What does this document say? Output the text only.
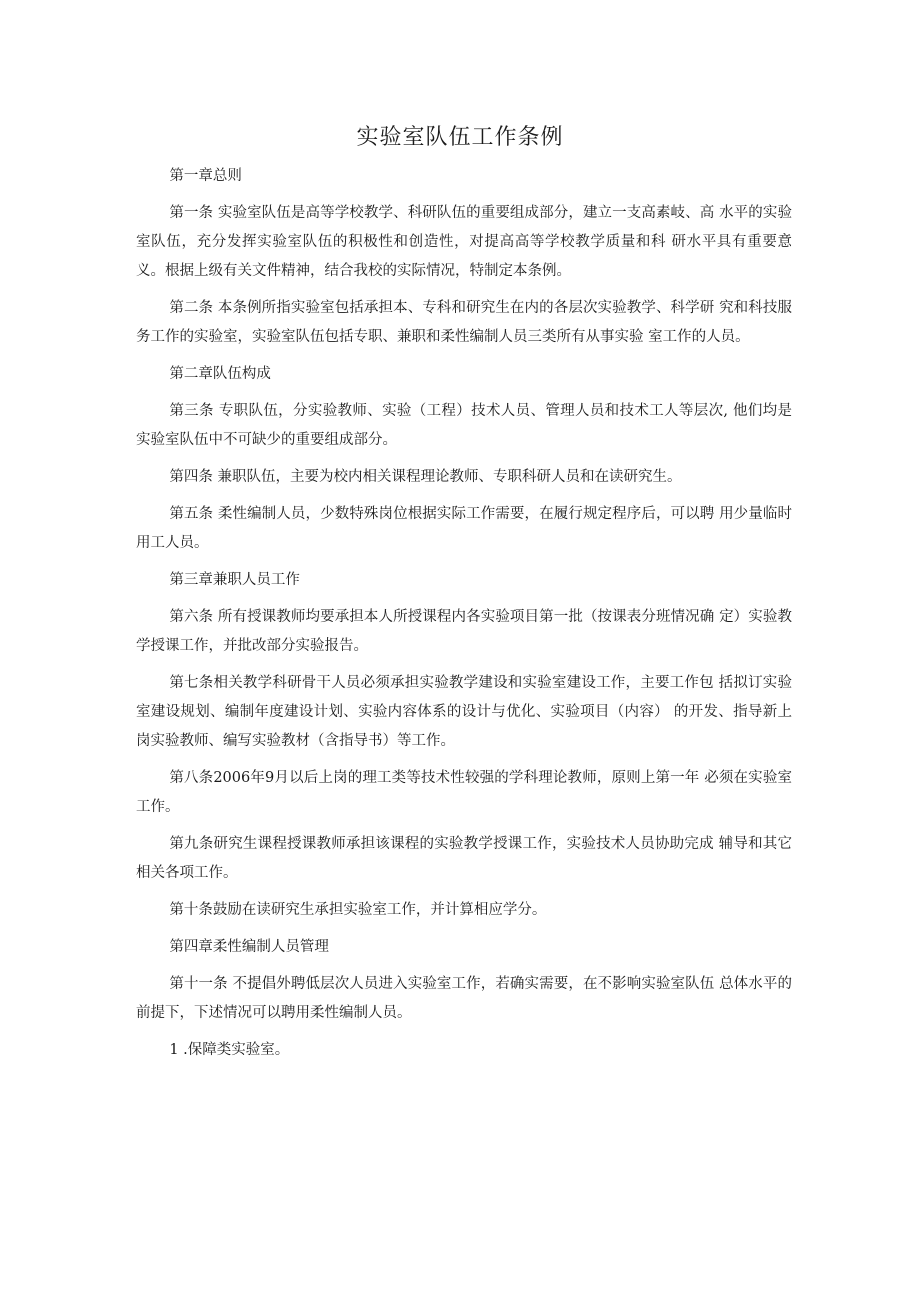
实验室队伍工作条例

第一章总则

第一条 实验室队伍是高等学校教学、科研队伍的重要组成部分，建立一支高素岐、高 水平的实验室队伍，充分发挥实验室队伍的积极性和创造性，对提高高等学校教学质量和科 研水平具有重要意义。根据上级有关文件精神，结合我校的实际情况，特制定本条例。

第二条 本条例所指实验室包括承担本、专科和研究生在内的各层次实验教学、科学研 究和科技服务工作的实验室，实验室队伍包括专职、兼职和柔性编制人员三类所有从事实验 室工作的人员。

第二章队伍构成

第三条 专职队伍，分实验教师、实验（工程）技术人员、管理人员和技术工人等层次, 他们均是实验室队伍中不可缺少的重要组成部分。

第四条 兼职队伍，主要为校内相关课程理论教师、专职科研人员和在读研究生。

第五条 柔性编制人员，少数特殊岗位根据实际工作需要，在履行规定程序后，可以聘 用少量临时用工人员。

第三章兼职人员工作

第六条 所有授课教师均要承担本人所授课程内各实验项目第一批（按课表分班情况确 定）实验教学授课工作，并批改部分实验报告。

第七条相关教学科研骨干人员必须承担实验教学建设和实验室建设工作，主要工作包 括拟订实验室建设规划、编制年度建设计划、实验内容体系的设计与优化、实验项目（内容） 的开发、指导新上岗实验教师、编写实验教材（含指导书）等工作。

第八条2006年9月以后上岗的理工类等技术性较强的学科理论教师，原则上第一年 必须在实验室工作。

第九条研究生课程授课教师承担该课程的实验教学授课工作，实验技术人员协助完成 辅导和其它相关各项工作。

第十条鼓励在读研究生承担实验室工作，并计算相应学分。

第四章柔性编制人员管理

第十一条 不提倡外聘低层次人员进入实验室工作，若确实需要，在不影响实验室队伍 总体水平的前提下，下述情况可以聘用柔性编制人员。

1 .保障类实验室。
